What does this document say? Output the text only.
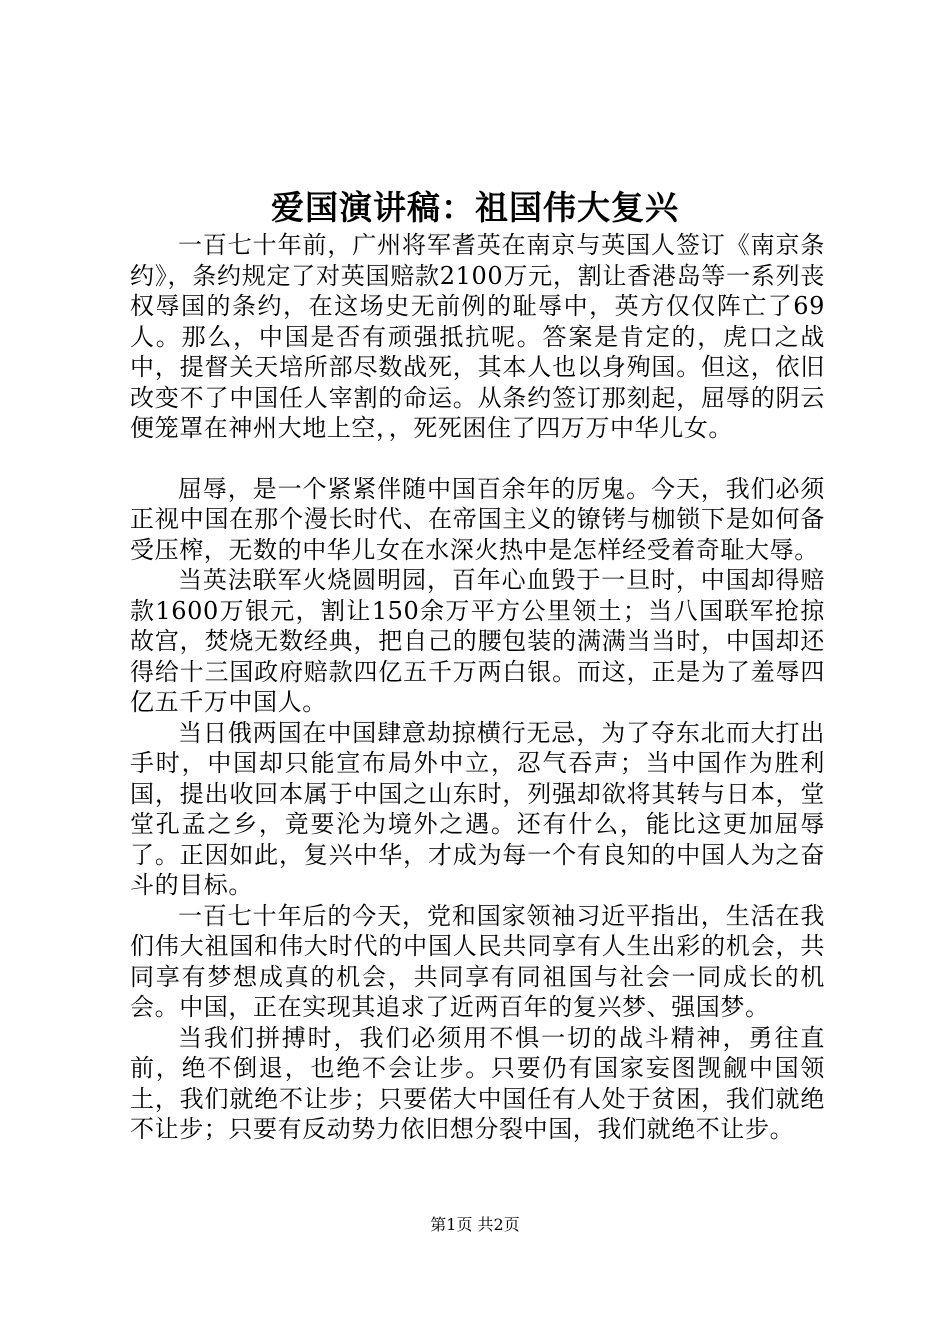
爱国演讲稿：祖国伟大复兴

一百七十年前，广州将军耆英在南京与英国人签订《南京条约》，条约规定了对英国赔款2100万元，割让香港岛等一系列丧权辱国的条约，在这场史无前例的耻辱中，英方仅仅阵亡了69人。那么，中国是否有顽强抵抗呢。答案是肯定的，虎口之战中，提督关天培所部尽数战死，其本人也以身殉国。但这，依旧改变不了中国任人宰割的命运。从条约签订那刻起，屈辱的阴云便笼罩在神州大地上空，，死死困住了四万万中华儿女。

屈辱，是一个紧紧伴随中国百余年的厉鬼。今天，我们必须正视中国在那个漫长时代、在帝国主义的镣铐与枷锁下是如何备受压榨，无数的中华儿女在水深火热中是怎样经受着奇耻大辱。

当英法联军火烧圆明园，百年心血毁于一旦时，中国却得赔款1600万银元，割让150余万平方公里领土；当八国联军抢掠故宫，焚烧无数经典，把自己的腰包装的满满当当时，中国却还得给十三国政府赔款四亿五千万两白银。而这，正是为了羞辱四亿五千万中国人。

当日俄两国在中国肆意劫掠横行无忌，为了夺东北而大打出手时，中国却只能宣布局外中立，忍气吞声；当中国作为胜利国，提出收回本属于中国之山东时，列强却欲将其转与日本，堂堂孔孟之乡，竟要沦为境外之遇。还有什么，能比这更加屈辱了。正因如此，复兴中华，才成为每一个有良知的中国人为之奋斗的目标。

一百七十年后的今天，党和国家领袖习近平指出，生活在我们伟大祖国和伟大时代的中国人民共同享有人生出彩的机会，共同享有梦想成真的机会，共同享有同祖国与社会一同成长的机会。中国，正在实现其追求了近两百年的复兴梦、强国梦。

当我们拼搏时，我们必须用不惧一切的战斗精神，勇往直前，绝不倒退，也绝不会让步。只要仍有国家妄图觊觎中国领土，我们就绝不让步；只要偌大中国任有人处于贫困，我们就绝不让步；只要有反动势力依旧想分裂中国，我们就绝不让步。

第1页 共2页
